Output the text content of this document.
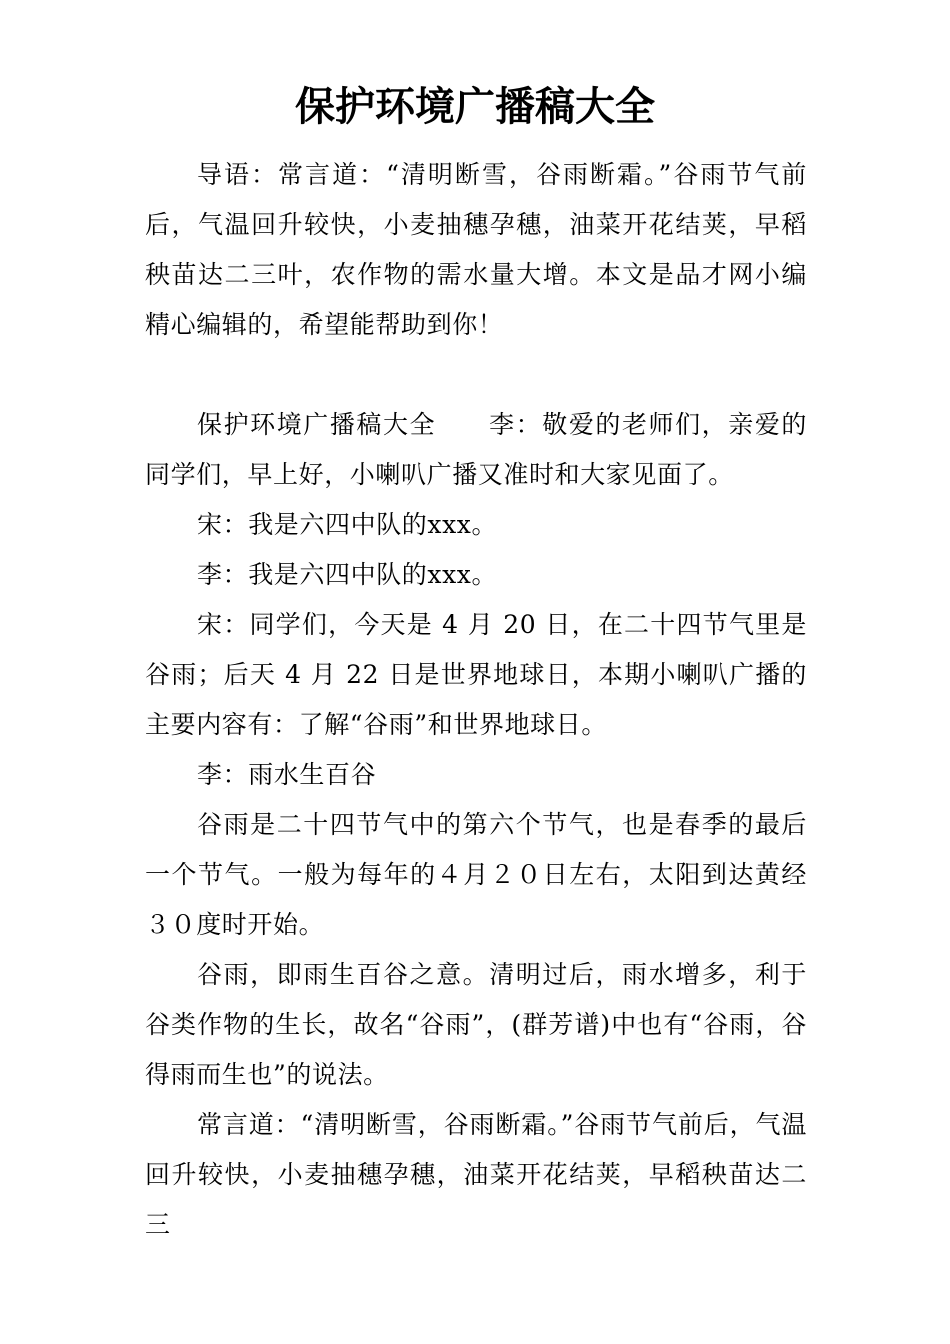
保护环境广播稿大全

导语：常言道：“清明断雪，谷雨断霜。”谷雨节气前后，气温回升较快，小麦抽穗孕穗，油菜开花结荚，早稻秧苗达二三叶，农作物的需水量大增。本文是品才网小编精心编辑的，希望能帮助到你！

保护环境广播稿大全 李：敬爱的老师们，亲爱的同学们，早上好，小喇叭广播又准时和大家见面了。

宋：我是六四中队的xxx。

李：我是六四中队的xxx。

宋：同学们，今天是 4 月 20 日，在二十四节气里是谷雨；后天 4 月 22 日是世界地球日，本期小喇叭广播的主要内容有：了解“谷雨”和世界地球日。

李：雨水生百谷

谷雨是二十四节气中的第六个节气，也是春季的最后一个节气。一般为每年的４月２０日左右，太阳到达黄经３０度时开始。

谷雨，即雨生百谷之意。清明过后，雨水增多，利于谷类作物的生长，故名“谷雨”，(群芳谱)中也有“谷雨，谷得雨而生也”的说法。

常言道：“清明断雪，谷雨断霜。”谷雨节气前后，气温回升较快，小麦抽穗孕穗，油菜开花结荚，早稻秧苗达二三
